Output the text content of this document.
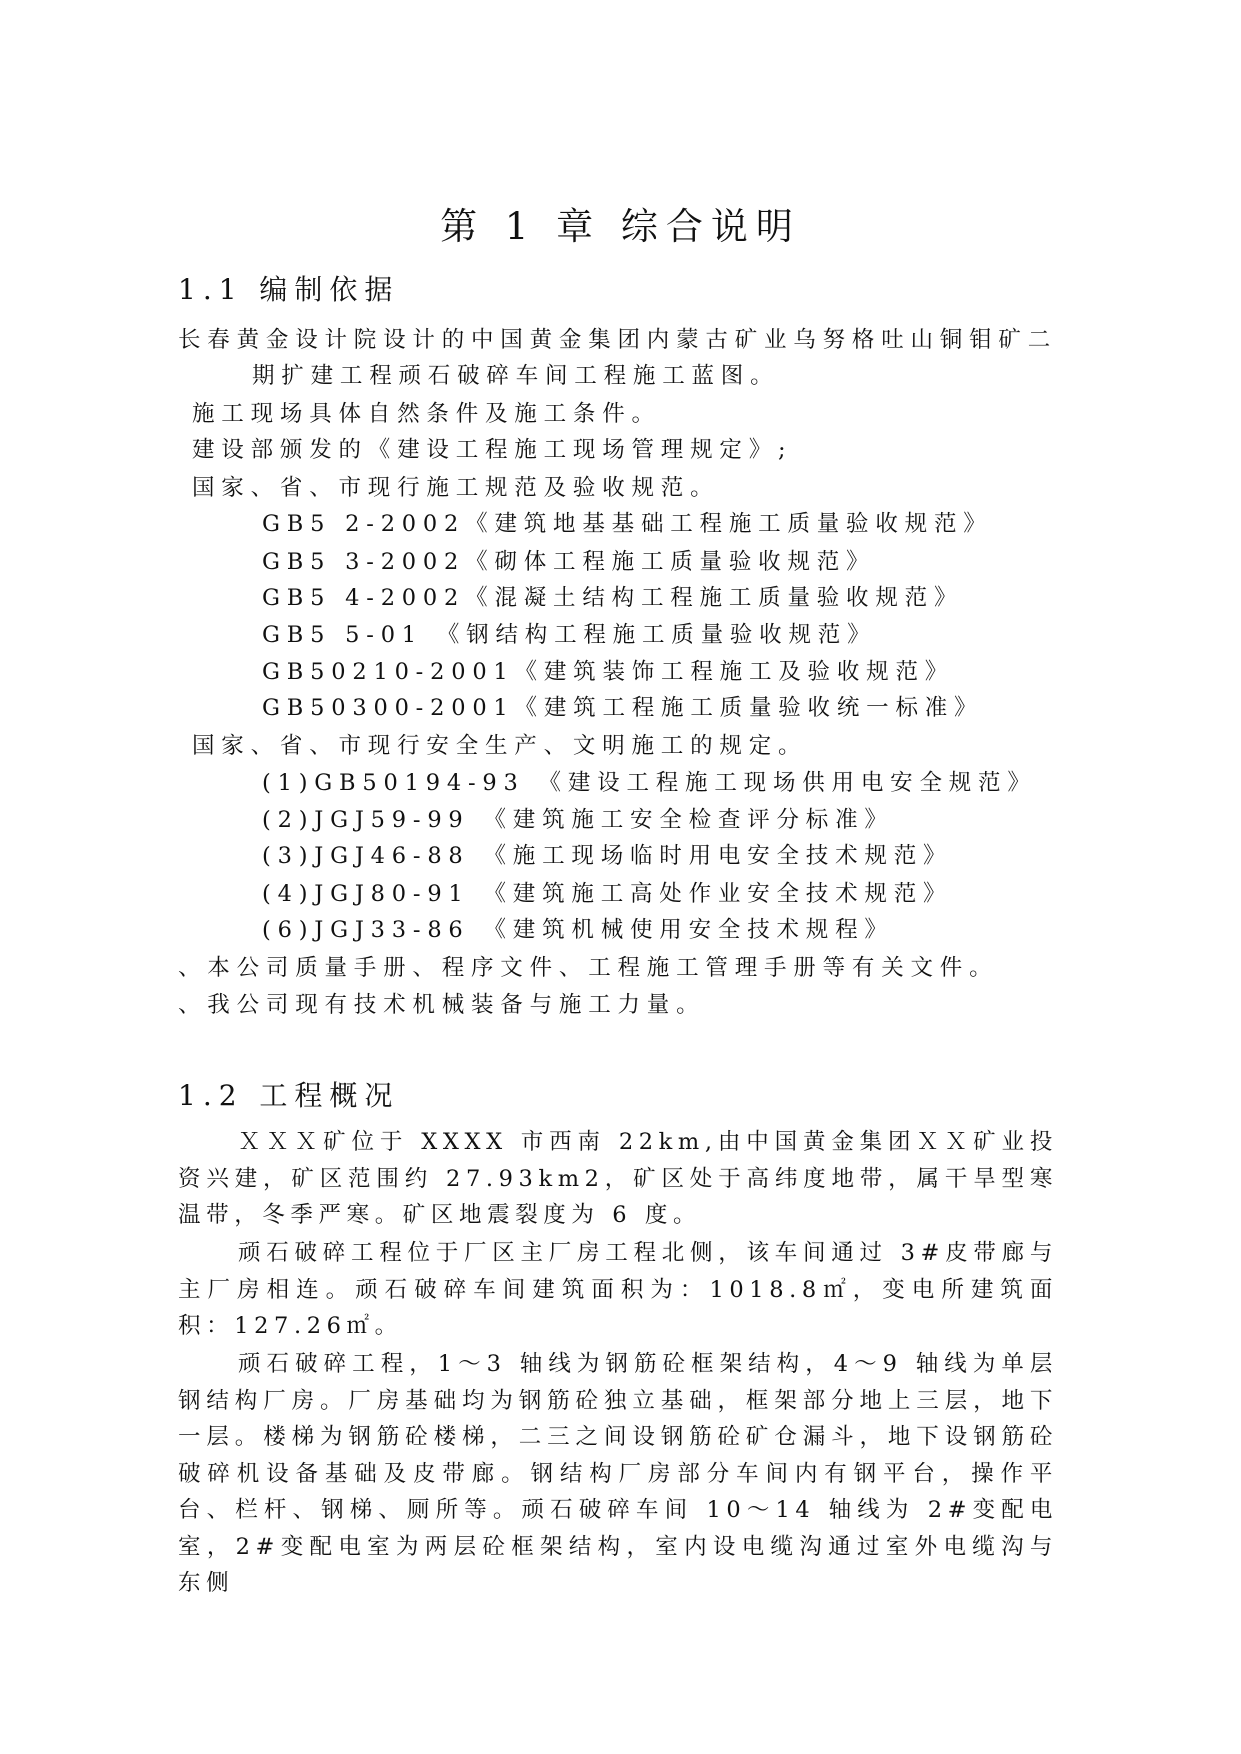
第 1 章 综合说明
1.1 编制依据

长春黄金设计院设计的中国黄金集团内蒙古矿业乌努格吐山铜钼矿二

期扩建工程顽石破碎车间工程施工蓝图。

施工现场具体自然条件及施工条件。

建设部颁发的《建设工程施工现场管理规定》;

国家、省、市现行施工规范及验收规范。

GB5 2-2002《建筑地基基础工程施工质量验收规范》

GB5 3-2002《砌体工程施工质量验收规范》

GB5 4-2002《混凝土结构工程施工质量验收规范》

GB5 5-01 《钢结构工程施工质量验收规范》

GB50210-2001《建筑装饰工程施工及验收规范》

GB50300-2001《建筑工程施工质量验收统一标准》

国家、省、市现行安全生产、文明施工的规定。

(1)GB50194-93 《建设工程施工现场供用电安全规范》

(2)JGJ59-99 《建筑施工安全检查评分标准》

(3)JGJ46-88 《施工现场临时用电安全技术规范》

(4)JGJ80-91 《建筑施工高处作业安全技术规范》

(6)JGJ33-86 《建筑机械使用安全技术规程》

、本公司质量手册、程序文件、工程施工管理手册等有关文件。

、我公司现有技术机械装备与施工力量。

1.2 工程概况

ＸＸＸ矿位于 XXXX 市西南 22km,由中国黄金集团ＸＸ矿业投资兴建，矿区范围约 27.93km2，矿区处于高纬度地带，属干旱型寒温带，冬季严寒。矿区地震裂度为 6 度。

顽石破碎工程位于厂区主厂房工程北侧，该车间通过 3#皮带廊与主厂房相连。顽石破碎车间建筑面积为：1018.8㎡，变电所建筑面积：127.26㎡。

顽石破碎工程，1～3 轴线为钢筋砼框架结构，4～9 轴线为单层钢结构厂房。厂房基础均为钢筋砼独立基础，框架部分地上三层，地下一层。楼梯为钢筋砼楼梯，二三之间设钢筋砼矿仓漏斗，地下设钢筋砼破碎机设备基础及皮带廊。钢结构厂房部分车间内有钢平台，操作平台、栏杆、钢梯、厕所等。顽石破碎车间 10～14 轴线为 2#变配电室，2#变配电室为两层砼框架结构，室内设电缆沟通过室外电缆沟与东侧
